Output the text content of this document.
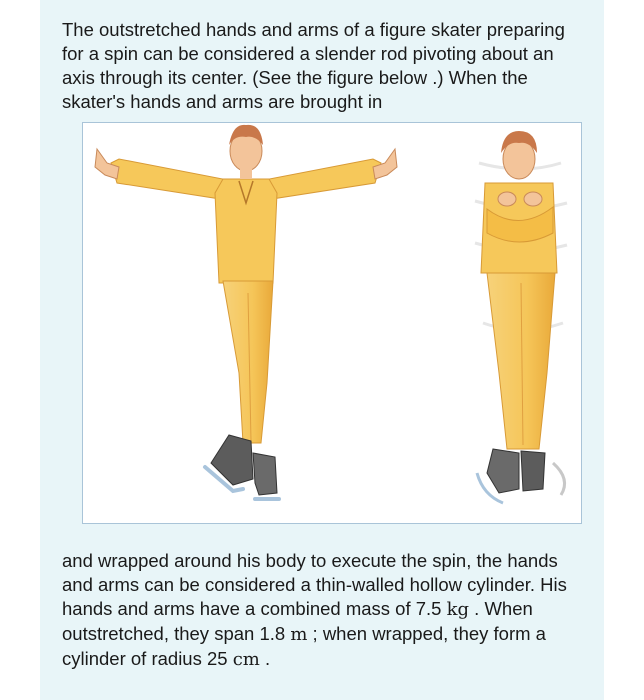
The outstretched hands and arms of a figure skater preparing for a spin can be considered a slender rod pivoting about an axis through its center. (See the figure below .) When the skater's hands and arms are brought in

and wrapped around his body to execute the spin, the hands and arms can be considered a thin-walled hollow cylinder. His hands and arms have a combined mass of 7.5 kg . When outstretched, they span 1.8 m ; when wrapped, they form a cylinder of radius 25 cm .
